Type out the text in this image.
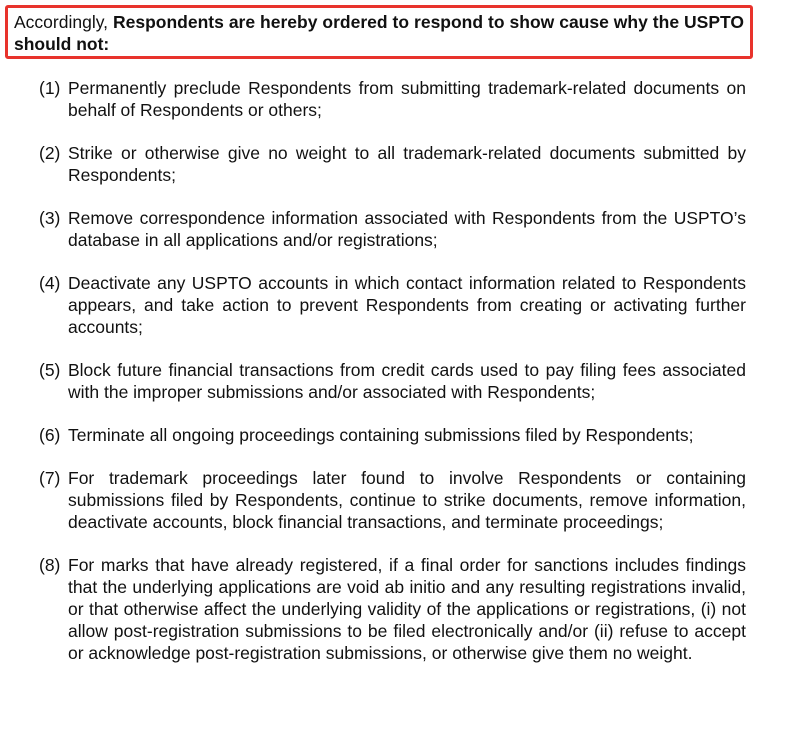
Accordingly, Respondents are hereby ordered to respond to show cause why the USPTO should not:
(1) Permanently preclude Respondents from submitting trademark-related documents on behalf of Respondents or others;
(2) Strike or otherwise give no weight to all trademark-related documents submitted by Respondents;
(3) Remove correspondence information associated with Respondents from the USPTO’s database in all applications and/or registrations;
(4) Deactivate any USPTO accounts in which contact information related to Respondents appears, and take action to prevent Respondents from creating or activating further accounts;
(5) Block future financial transactions from credit cards used to pay filing fees associated with the improper submissions and/or associated with Respondents;
(6) Terminate all ongoing proceedings containing submissions filed by Respondents;
(7) For trademark proceedings later found to involve Respondents or containing submissions filed by Respondents, continue to strike documents, remove information, deactivate accounts, block financial transactions, and terminate proceedings;
(8) For marks that have already registered, if a final order for sanctions includes findings that the underlying applications are void ab initio and any resulting registrations invalid, or that otherwise affect the underlying validity of the applications or registrations, (i) not allow post-registration submissions to be filed electronically and/or (ii) refuse to accept or acknowledge post-registration submissions, or otherwise give them no weight.
